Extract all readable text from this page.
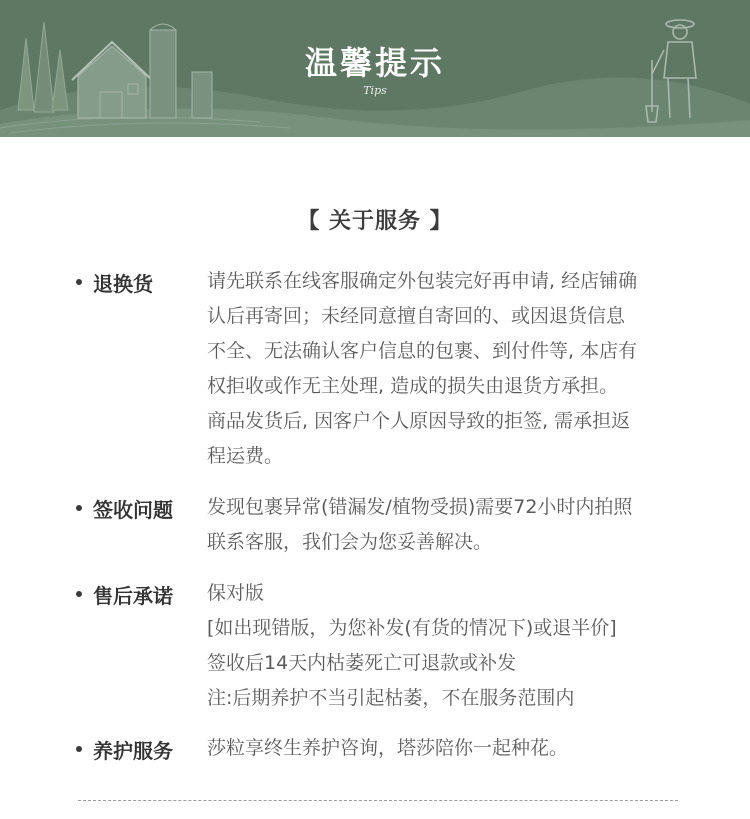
温馨提示
Tips
【 关于服务 】
退换货	请先联系在线客服确定外包装完好再申请, 经店铺确
认后再寄回；未经同意擅自寄回的、或因退货信息
不全、无法确认客户信息的包裹、到付件等, 本店有
权拒收或作无主处理, 造成的损失由退货方承担。
商品发货后, 因客户个人原因导致的拒签, 需承担返
程运费。
签收问题 发现包裹异常(错漏发/植物受损)需要72小时内拍照
联系客服，我们会为您妥善解决。
售后承诺 保对版
[如出现错版，为您补发(有货的情况下)或退半价]
签收后14天内枯萎死亡可退款或补发
注:后期养护不当引起枯萎，不在服务范围内
养护服务 莎粒享终生养护咨询，塔莎陪你一起种花。
